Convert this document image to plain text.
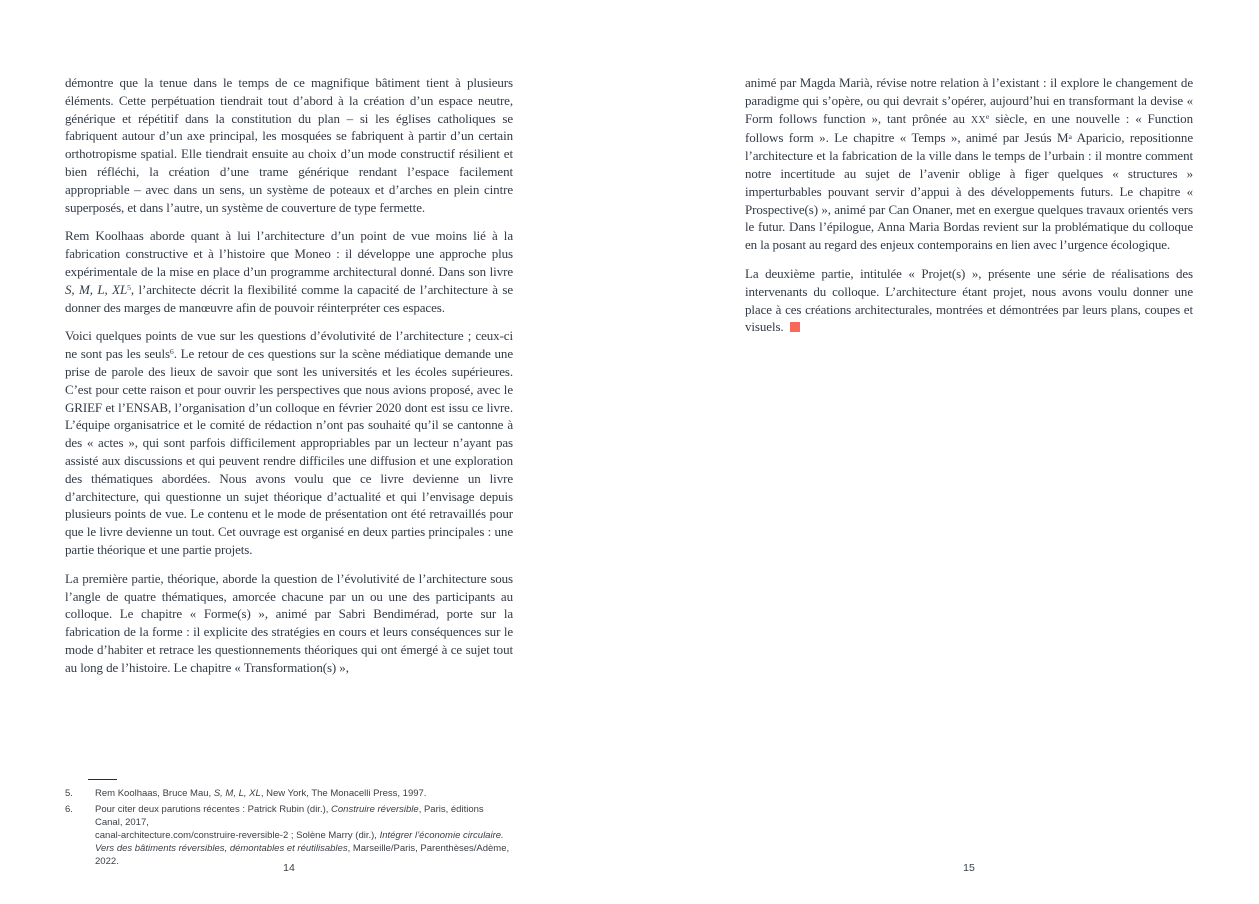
démontre que la tenue dans le temps de ce magnifique bâtiment tient à plusieurs éléments. Cette perpétuation tiendrait tout d’abord à la création d’un espace neutre, générique et répétitif dans la constitution du plan – si les églises catholiques se fabriquent autour d’un axe principal, les mosquées se fabriquent à partir d’un certain orthotropisme spatial. Elle tiendrait ensuite au choix d’un mode constructif résilient et bien réfléchi, la création d’une trame générique rendant l’espace facilement appropriable – avec dans un sens, un système de poteaux et d’arches en plein cintre superposés, et dans l’autre, un système de couverture de type fermette.

Rem Koolhaas aborde quant à lui l’architecture d’un point de vue moins lié à la fabrication constructive et à l’histoire que Moneo : il développe une approche plus expérimentale de la mise en place d’un programme architectural donné. Dans son livre S, M, L, $XL^5$, l’architecte décrit la flexibilité comme la capacité de l’architecture à se donner des marges de manœuvre afin de pouvoir réinterpréter ces espaces.

Voici quelques points de vue sur les questions d’évolutivité de l’architecture ; ceux-ci ne sont pas les seuls$^6$. Le retour de ces questions sur la scène médiatique demande une prise de parole des lieux de savoir que sont les universités et les écoles supérieures. C’est pour cette raison et pour ouvrir les perspectives que nous avions proposé, avec le GRIEF et l’ENSAB, l’organisation d’un colloque en février 2020 dont est issu ce livre. L’équipe organisatrice et le comité de rédaction n’ont pas souhaité qu’il se cantonne à des « actes », qui sont parfois difficilement appropriables par un lecteur n’ayant pas assisté aux discussions et qui peuvent rendre difficiles une diffusion et une exploration des thématiques abordées. Nous avons voulu que ce livre devienne un livre d’architecture, qui questionne un sujet théorique d’actualité et qui l’envisage depuis plusieurs points de vue. Le contenu et le mode de présentation ont été retravaillés pour que le livre devienne un tout. Cet ouvrage est organisé en deux parties principales : une partie théorique et une partie projets.

La première partie, théorique, aborde la question de l’évolutivité de l’architecture sous l’angle de quatre thématiques, amorcée chacune par un ou une des participants au colloque. Le chapitre « Forme(s) », animé par Sabri Bendimérad, porte sur la fabrication de la forme : il explicite des stratégies en cours et leurs conséquences sur le mode d’habiter et retrace les questionnements théoriques qui ont émergé à ce sujet tout au long de l’histoire. Le chapitre « Transformation(s) »,

animé par Magda Marià, révise notre relation à l’existant : il explore le changement de paradigme qui s’opère, ou qui devrait s’opérer, aujourd’hui en transformant la devise « Form follows function », tant prônée au XXe siècle, en une nouvelle : « Function follows form ». Le chapitre « Temps », animé par Jesús $M^a$ Aparicio, repositionne l’architecture et la fabrication de la ville dans le temps de l’urbain : il montre comment notre incertitude au sujet de l’avenir oblige à figer quelques « structures » imperturbables pouvant servir d’appui à des développements futurs. Le chapitre « Prospective(s) », animé par Can Onaner, met en exergue quelques travaux orientés vers le futur. Dans l’épilogue, Anna Maria Bordas revient sur la problématique du colloque en la posant au regard des enjeux contemporains en lien avec l’urgence écologique.

La deuxième partie, intitulée « Projet(s) », présente une série de réalisations des intervenants du colloque. L’architecture étant projet, nous avons voulu donner une place à ces créations architecturales, montrées et démontrées par leurs plans, coupes et visuels.

5.	Rem Koolhaas, Bruce Mau, S, M, L, XL, New York, The Monacelli Press, 1997.
6.	Pour citer deux parutions récentes : Patrick Rubin (dir.), Construire réversible, Paris, éditions Canal, 2017,
canal-architecture.com/construire-reversible-2 ; Solène Marry (dir.), Intégrer l’économie circulaire.
Vers des bâtiments réversibles, démontables et réutilisables, Marseille/Paris, Parenthèses/Adème, 2022.
14	15
